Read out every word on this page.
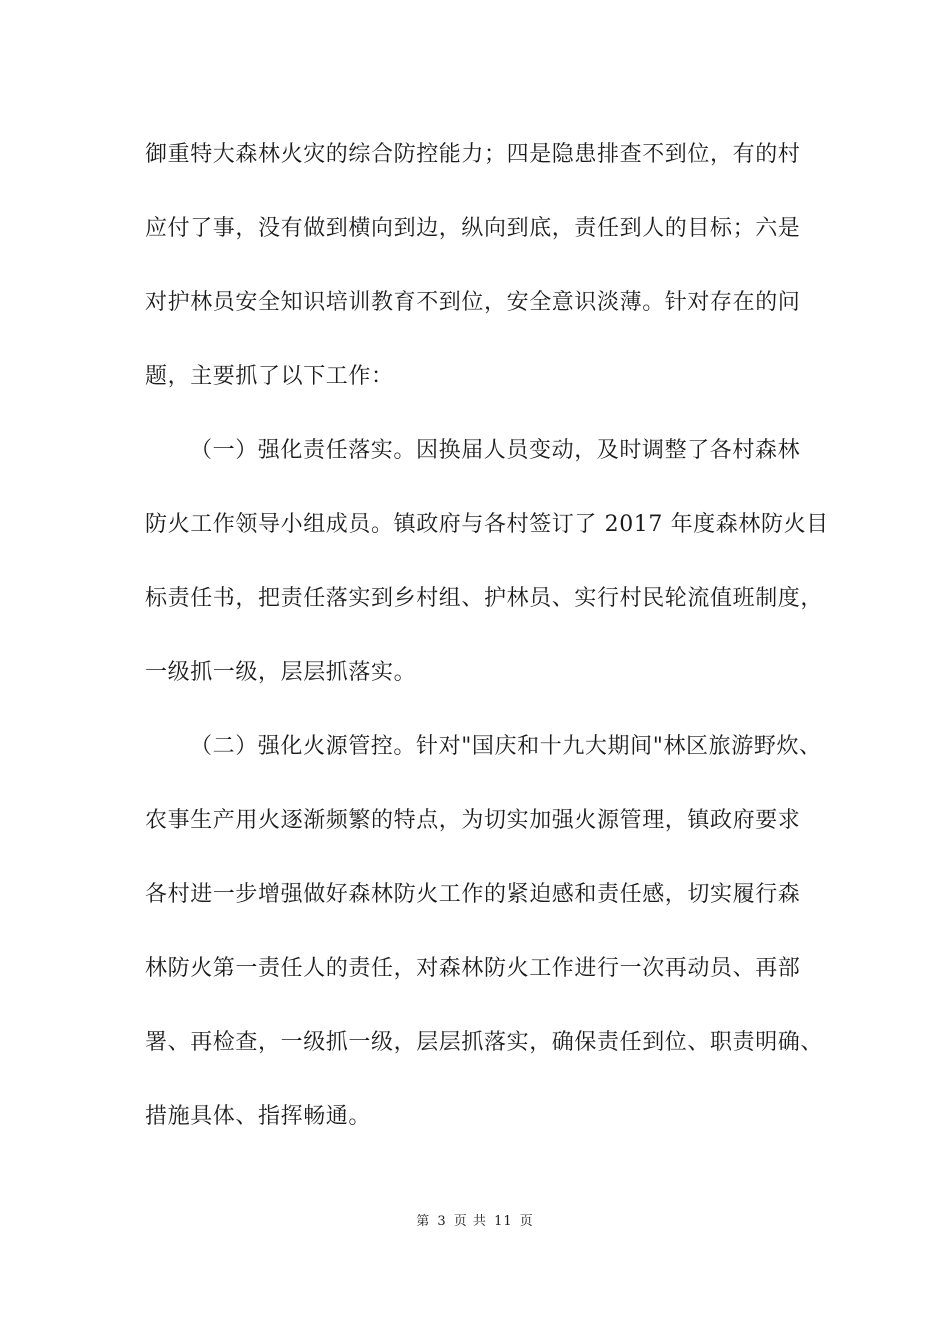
御重特大森林火灾的综合防控能力；四是隐患排查不到位，有的村
应付了事，没有做到横向到边，纵向到底，责任到人的目标；六是
对护林员安全知识培训教育不到位，安全意识淡薄。针对存在的问
题，主要抓了以下工作：
（一）强化责任落实。因换届人员变动，及时调整了各村森林
防火工作领导小组成员。镇政府与各村签订了 2017 年度森林防火目
标责任书，把责任落实到乡村组、护林员、实行村民轮流值班制度，
一级抓一级，层层抓落实。
（二）强化火源管控。针对"国庆和十九大期间"林区旅游野炊、
农事生产用火逐渐频繁的特点，为切实加强火源管理，镇政府要求
各村进一步增强做好森林防火工作的紧迫感和责任感，切实履行森
林防火第一责任人的责任，对森林防火工作进行一次再动员、再部
署、再检查，一级抓一级，层层抓落实，确保责任到位、职责明确、
措施具体、指挥畅通。
第 3 页 共 11 页
